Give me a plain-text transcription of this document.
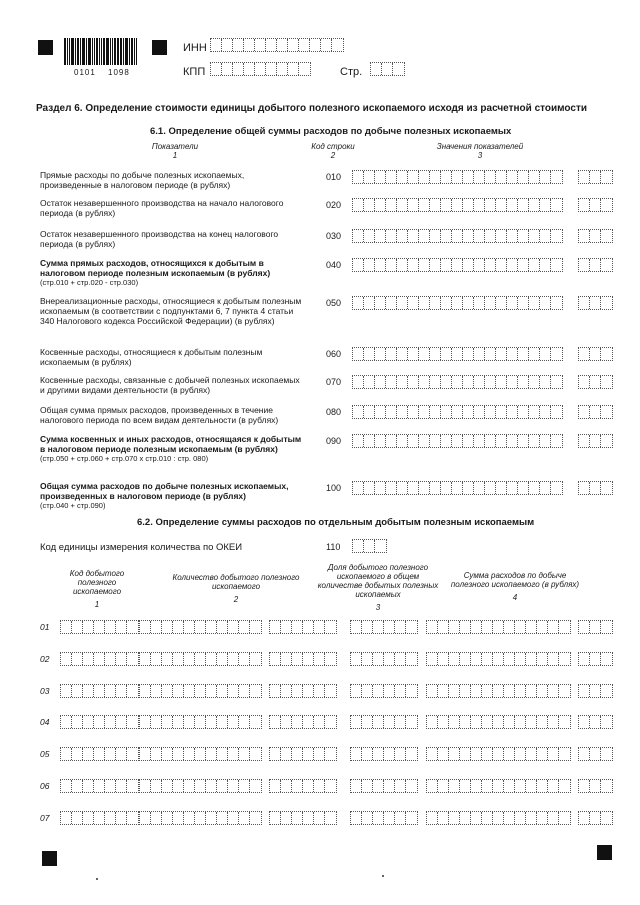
0101 1098
ИНН
КПП	Стр.
Раздел 6. Определение стоимости единицы добытого полезного ископаемого исходя из расчетной стоимости
6.1. Определение общей суммы расходов по добыче полезных ископаемых
Показатели
1
Код строки
2
Значения показателей
3
Прямые расходы по добыче полезных ископаемых, произведенные в налоговом периоде (в рублях)
010
Остаток незавершенного производства на начало налогового периода (в рублях)
020
Остаток незавершенного производства на конец налогового периода (в рублях)
030
Сумма прямых расходов, относящихся к добытым в налоговом периоде полезным ископаемым (в рублях)
(стр.010 + стр.020 - стр.030)
040
Внереализационные расходы, относящиеся к добытым полезным ископаемым (в соответствии с подпунктами 6, 7 пункта 4 статьи 340 Налогового кодекса Российской Федерации) (в рублях)
050
Косвенные расходы, относящиеся к добытым полезным ископаемым (в рублях)
060
Косвенные расходы, связанные с добычей полезных ископаемых и другими видами деятельности (в рублях)
070
Общая сумма прямых расходов, произведенных в течение налогового периода по всем видам деятельности (в рублях)
080
Сумма косвенных и иных расходов, относящаяся к добытым в налоговом периоде полезным ископаемым (в рублях)
(стр.050 + стр.060 + стр.070 x стр.010 : стр. 080)
090
Общая сумма расходов по добыче полезных ископаемых, произведенных в налоговом периоде (в рублях)
(стр.040 + стр.090)
100
6.2. Определение суммы расходов по отдельным добытым полезным ископаемым
Код единицы измерения количества по ОКЕИ	110
Код добытого полезного ископаемого
1
Количество добытого полезного ископаемого
2
Доля добытого полезного ископаемого в общем количестве добытых полезных ископаемых
3
Сумма расходов по добыче полезного ископаемого (в рублях)
4
01
02
03
04
05
06
07
